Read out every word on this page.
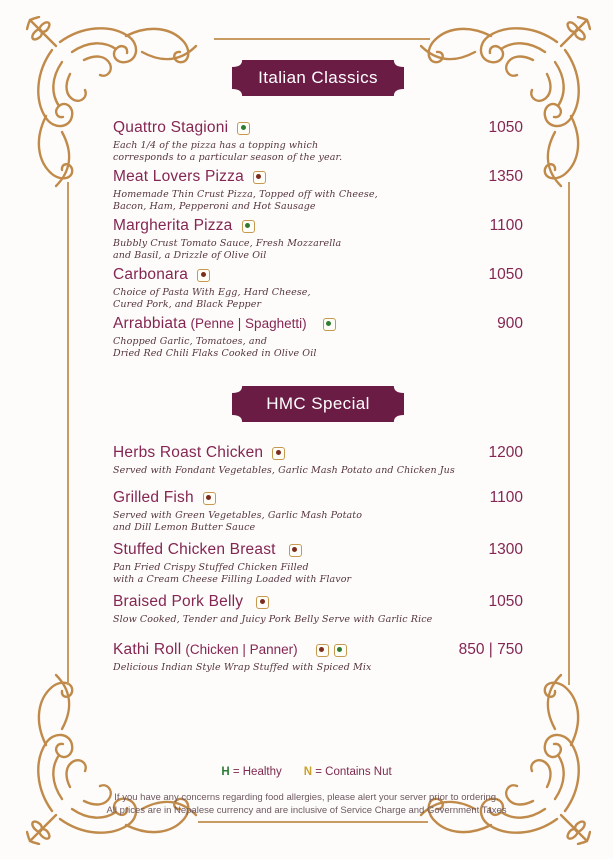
Italian Classics
Quattro Stagioni
Each 1/4 of the pizza has a topping which
corresponds to a particular season of the year.
1050
Meat Lovers Pizza
Homemade Thin Crust Pizza, Topped off with Cheese,
Bacon, Ham, Pepperoni and Hot Sausage
1350
Margherita Pizza
Bubbly Crust Tomato Sauce, Fresh Mozzarella
and Basil, a Drizzle of Olive Oil
1100
Carbonara
Choice of Pasta With Egg, Hard Cheese,
Cured Pork, and Black Pepper
1050
Arrabbiata (Penne | Spaghetti)
Chopped Garlic, Tomatoes, and
Dried Red Chili Flaks Cooked in Olive Oil
900
HMC Special
Herbs Roast Chicken
Served with Fondant Vegetables, Garlic Mash Potato and Chicken Jus
1200
Grilled Fish
Served with Green Vegetables, Garlic Mash Potato
and Dill Lemon Butter Sauce
1100
Stuffed Chicken Breast
Pan Fried Crispy Stuffed Chicken Filled
with a Cream Cheese Filling Loaded with Flavor
1300
Braised Pork Belly
Slow Cooked, Tender and Juicy Pork Belly Serve with Garlic Rice
1050
Kathi Roll (Chicken | Panner)
Delicious Indian Style Wrap Stuffed with Spiced Mix
850 | 750
H = Healthy N = Contains Nut
If you have any concerns regarding food allergies, please alert your server prior to ordering.
All prices are in Nepalese currency and are inclusive of Service Charge and Government Taxes
